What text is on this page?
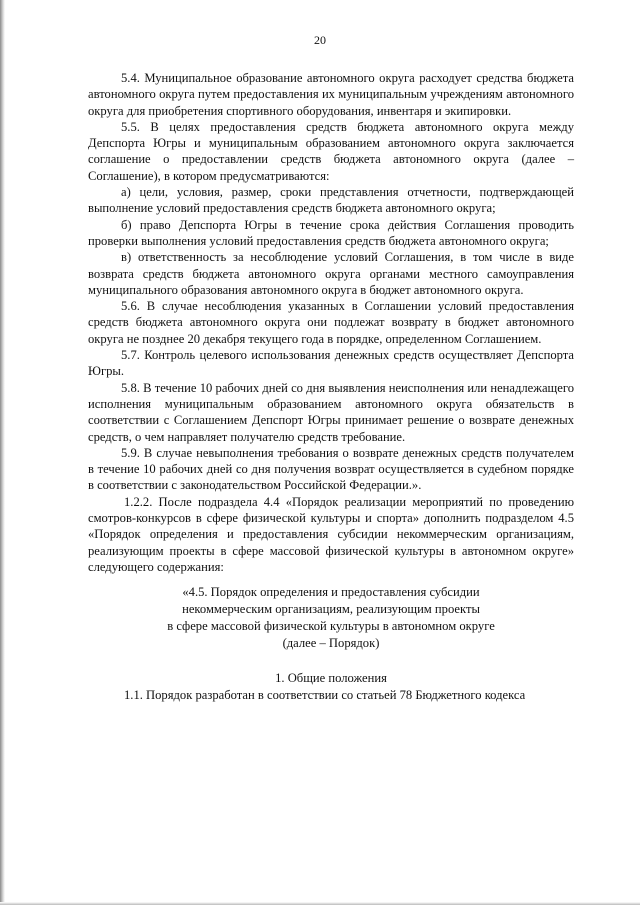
20

5.4. Муниципальное образование автономного округа расходует средства бюджета автономного округа путем предоставления их муниципальным учреждениям автономного округа для приобретения спортивного оборудования, инвентаря и экипировки.

5.5. В целях предоставления средств бюджета автономного округа между Депспорта Югры и муниципальным образованием автономного округа заключается соглашение о предоставлении средств бюджета автономного округа (далее – Соглашение), в котором предусматриваются:

а) цели, условия, размер, сроки представления отчетности, подтверждающей выполнение условий предоставления средств бюджета автономного округа;

б) право Депспорта Югры в течение срока действия Соглашения проводить проверки выполнения условий предоставления средств бюджета автономного округа;

в) ответственность за несоблюдение условий Соглашения, в том числе в виде возврата средств бюджета автономного округа органами местного самоуправления муниципального образования автономного округа в бюджет автономного округа.

5.6. В случае несоблюдения указанных в Соглашении условий предоставления средств бюджета автономного округа они подлежат возврату в бюджет автономного округа не позднее 20 декабря текущего года в порядке, определенном Соглашением.

5.7. Контроль целевого использования денежных средств осуществляет Депспорта Югры.

5.8. В течение 10 рабочих дней со дня выявления неисполнения или ненадлежащего исполнения муниципальным образованием автономного округа обязательств в соответствии с Соглашением Депспорт Югры принимает решение о возврате денежных средств, о чем направляет получателю средств требование.

5.9. В случае невыполнения требования о возврате денежных средств получателем в течение 10 рабочих дней со дня получения возврат осуществляется в судебном порядке в соответствии с законодательством Российской Федерации.».

1.2.2. После подраздела 4.4 «Порядок реализации мероприятий по проведению смотров-конкурсов в сфере физической культуры и спорта» дополнить подразделом 4.5 «Порядок определения и предоставления субсидии некоммерческим организациям, реализующим проекты в сфере массовой физической культуры в автономном округе» следующего содержания:

«4.5. Порядок определения и предоставления субсидии
некоммерческим организациям, реализующим проекты
в сфере массовой физической культуры в автономном округе
(далее – Порядок)
1. Общие положения

1.1. Порядок разработан в соответствии со статьей 78 Бюджетного кодекса
